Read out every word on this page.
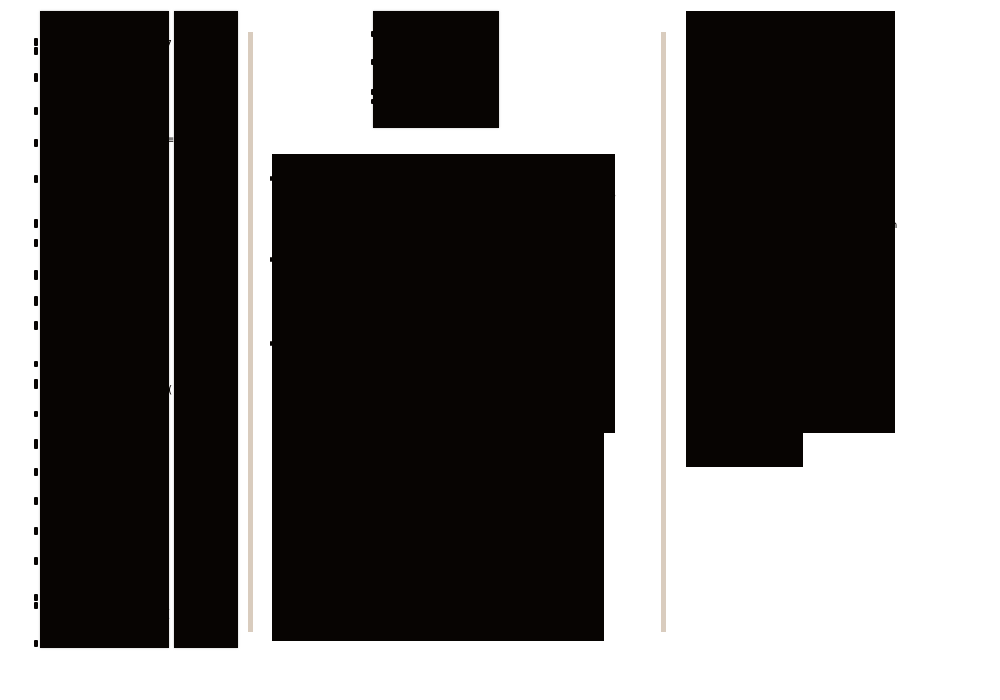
7
≡
(
(
s
’
·
n
